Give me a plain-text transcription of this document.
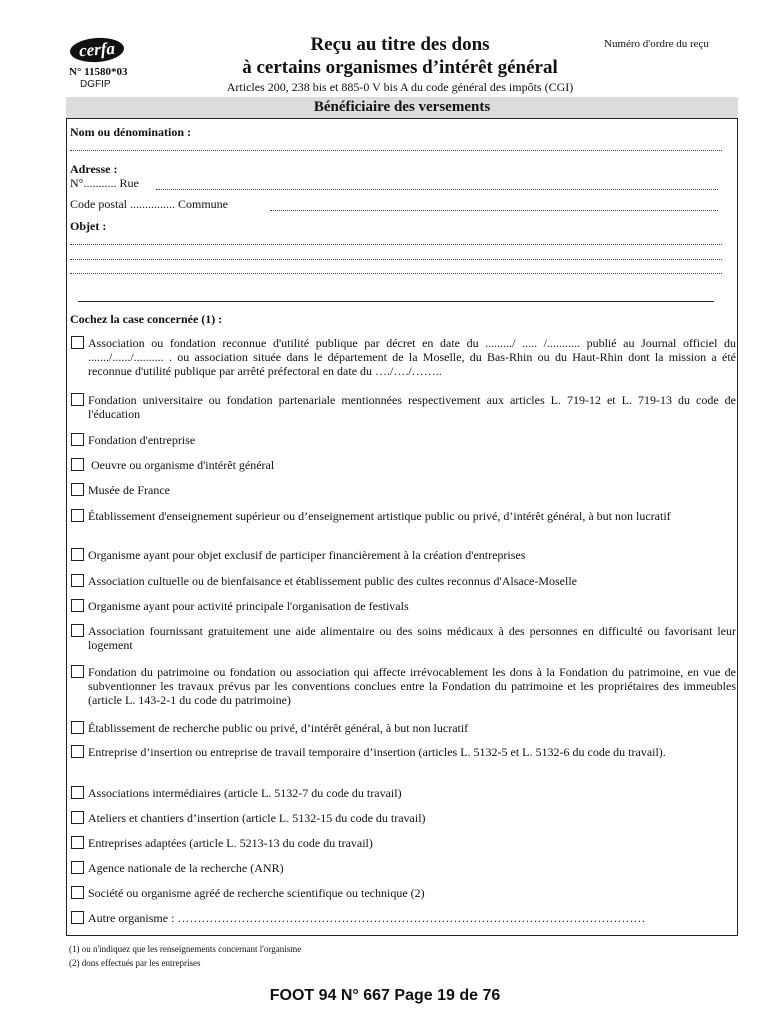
cerfa
N° 11580*03
DGFIP
Reçu au titre des dons
à certains organismes d’intérêt général
Articles 200, 238 bis et 885-0 V bis A du code général des impôts (CGI)
Numéro d'ordre du reçu
Bénéficiaire des versements
Nom ou dénomination :
Adresse :
N°........... Rue
Code postal ............... Commune
Objet :
Cochez la case concernée (1) :
Association ou fondation reconnue d'utilité publique par décret en date du ........./ ..... /........... publié au Journal officiel du ......./....../.......... . ou association située dans le département de la Moselle, du Bas-Rhin ou du Haut-Rhin dont la mission a été reconnue d'utilité publique par arrêté préfectoral en date du …./…./……..
Fondation universitaire ou fondation partenariale mentionnées respectivement aux articles L. 719-12 et L. 719-13 du code de l'éducation
Fondation d'entreprise
Oeuvre ou organisme d'intérêt général
Musée de France
Établissement d'enseignement supérieur ou d’enseignement artistique public ou privé, d’intérêt général, à but non lucratif
Organisme ayant pour objet exclusif de participer financièrement à la création d'entreprises
Association cultuelle ou de bienfaisance et établissement public des cultes reconnus d'Alsace-Moselle
Organisme ayant pour activité principale l'organisation de festivals
Association fournissant gratuitement une aide alimentaire ou des soins médicaux à des personnes en difficulté ou favorisant leur logement
Fondation du patrimoine ou fondation ou association qui affecte irrévocablement les dons à la Fondation du patrimoine, en vue de subventionner les travaux prévus par les conventions conclues entre la Fondation du patrimoine et les propriétaires des immeubles (article L. 143-2-1 du code du patrimoine)
Établissement de recherche public ou privé, d’intérêt général, à but non lucratif
Entreprise d’insertion ou entreprise de travail temporaire d’insertion (articles L. 5132-5 et L. 5132-6 du code du travail).
Associations intermédiaires (article L. 5132-7 du code du travail)
Ateliers et chantiers d’insertion (article L. 5132-15 du code du travail)
Entreprises adaptées (article L. 5213-13 du code du travail)
Agence nationale de la recherche (ANR)
Société ou organisme agréé de recherche scientifique ou technique (2)
Autre organisme : ………………………………………………………………………………………………………
(1) ou n'indiquez que les renseignements concernant l'organisme
(2) dons effectués par les entreprises
FOOT 94 N° 667 Page 19 de 76
